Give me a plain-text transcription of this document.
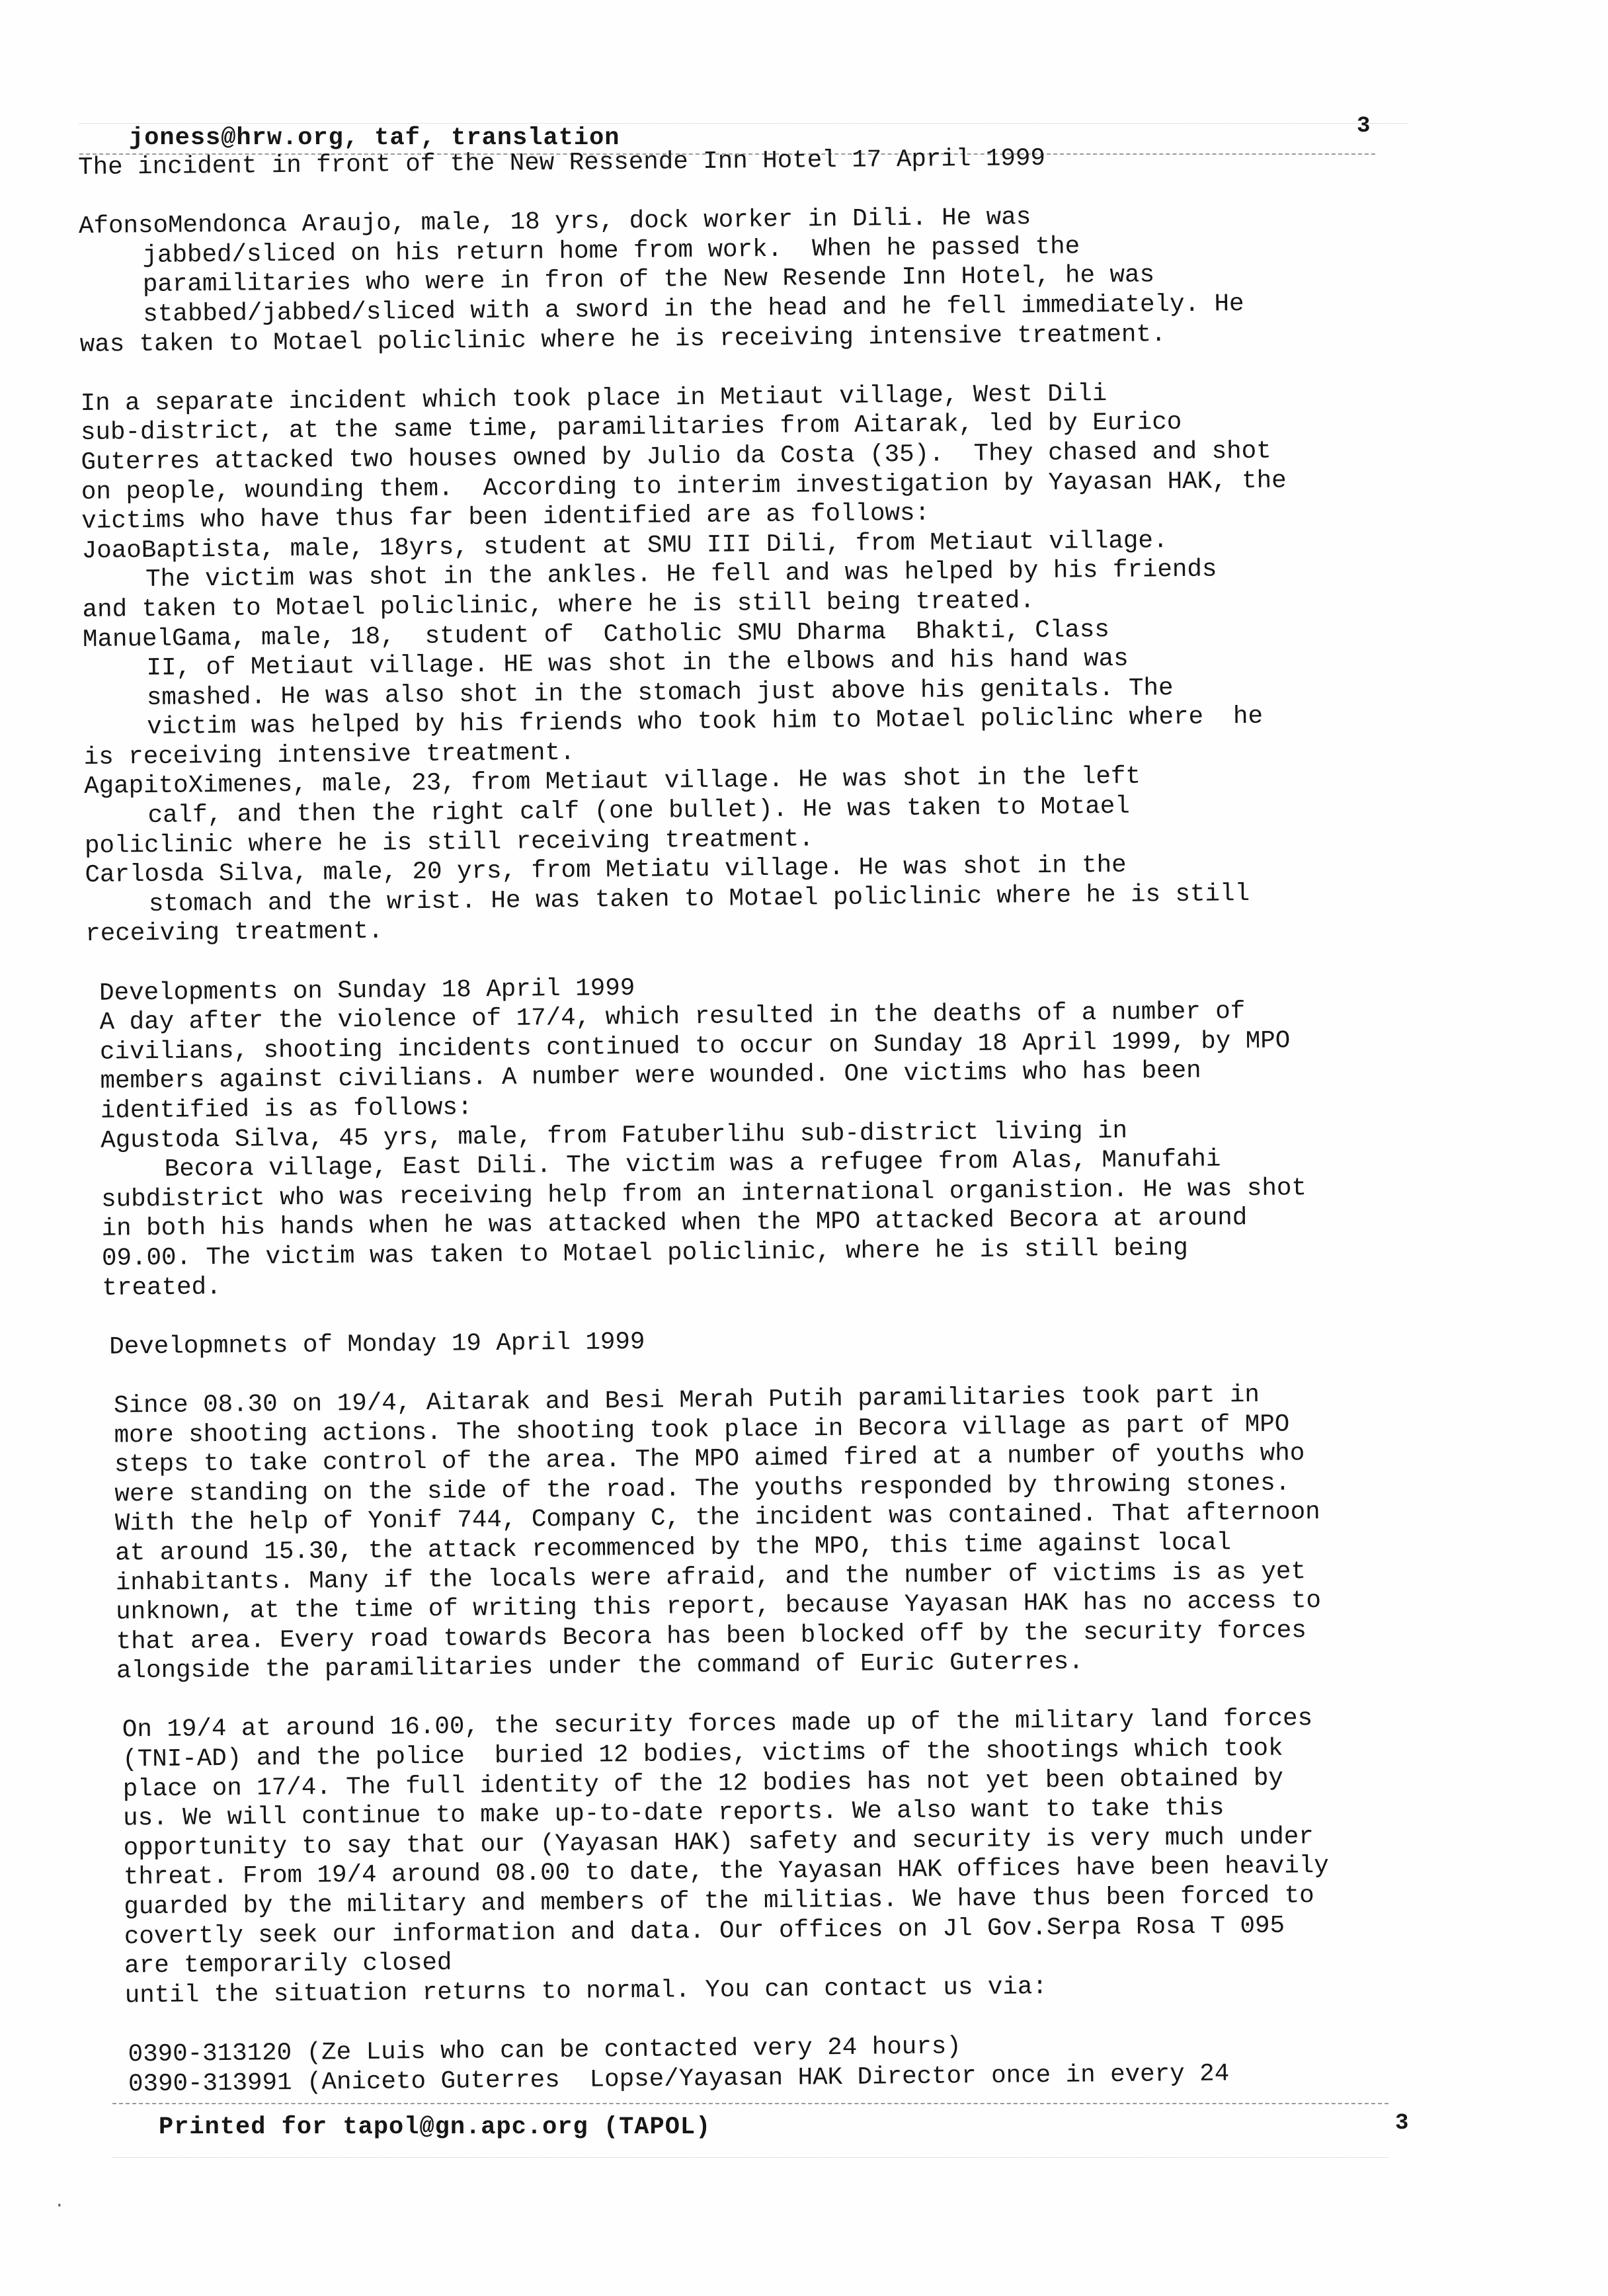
joness@hrw.org, taf, translation	3
The incident in front of the New Ressende Inn Hotel 17 April 1999
AfonsoMendonca Araujo, male, 18 yrs, dock worker in Dili. He was
jabbed/sliced on his return home from work.  When he passed the
paramilitaries who were in fron of the New Resende Inn Hotel, he was
stabbed/jabbed/sliced with a sword in the head and he fell immediately. He
was taken to Motael policlinic where he is receiving intensive treatment.
In a separate incident which took place in Metiaut village, West Dili
sub-district, at the same time, paramilitaries from Aitarak, led by Eurico
Guterres attacked two houses owned by Julio da Costa (35).  They chased and shot
on people, wounding them.  According to interim investigation by Yayasan HAK, the
victims who have thus far been identified are as follows:
JoaoBaptista, male, 18yrs, student at SMU III Dili, from Metiaut village.
The victim was shot in the ankles. He fell and was helped by his friends
and taken to Motael policlinic, where he is still being treated.
ManuelGama, male, 18,  student of  Catholic SMU Dharma  Bhakti, Class
II, of Metiaut village. HE was shot in the elbows and his hand was
smashed. He was also shot in the stomach just above his genitals. The
victim was helped by his friends who took him to Motael policlinc where  he
is receiving intensive treatment.
AgapitoXimenes, male, 23, from Metiaut village. He was shot in the left
calf, and then the right calf (one bullet). He was taken to Motael
policlinic where he is still receiving treatment.
Carlosda Silva, male, 20 yrs, from Metiatu village. He was shot in the
stomach and the wrist. He was taken to Motael policlinic where he is still
receiving treatment.
Developments on Sunday 18 April 1999
A day after the violence of 17/4, which resulted in the deaths of a number of
civilians, shooting incidents continued to occur on Sunday 18 April 1999, by MPO
members against civilians. A number were wounded. One victims who has been
identified is as follows:
Agustoda Silva, 45 yrs, male, from Fatuberlihu sub-district living in
Becora village, East Dili. The victim was a refugee from Alas, Manufahi
subdistrict who was receiving help from an international organistion. He was shot
in both his hands when he was attacked when the MPO attacked Becora at around
09.00. The victim was taken to Motael policlinic, where he is still being
treated.
Developmnets of Monday 19 April 1999
Since 08.30 on 19/4, Aitarak and Besi Merah Putih paramilitaries took part in
more shooting actions. The shooting took place in Becora village as part of MPO
steps to take control of the area. The MPO aimed fired at a number of youths who
were standing on the side of the road. The youths responded by throwing stones.
With the help of Yonif 744, Company C, the incident was contained. That afternoon
at around 15.30, the attack recommenced by the MPO, this time against local
inhabitants. Many if the locals were afraid, and the number of victims is as yet
unknown, at the time of writing this report, because Yayasan HAK has no access to
that area. Every road towards Becora has been blocked off by the security forces
alongside the paramilitaries under the command of Euric Guterres.
On 19/4 at around 16.00, the security forces made up of the military land forces
(TNI-AD) and the police  buried 12 bodies, victims of the shootings which took
place on 17/4. The full identity of the 12 bodies has not yet been obtained by
us. We will continue to make up-to-date reports. We also want to take this
opportunity to say that our (Yayasan HAK) safety and security is very much under
threat. From 19/4 around 08.00 to date, the Yayasan HAK offices have been heavily
guarded by the military and members of the militias. We have thus been forced to
covertly seek our information and data. Our offices on Jl Gov.Serpa Rosa T 095
are temporarily closed
until the situation returns to normal. You can contact us via:
0390-313120 (Ze Luis who can be contacted very 24 hours)
0390-313991 (Aniceto Guterres  Lopse/Yayasan HAK Director once in every 24
Printed for tapol@gn.apc.org (TAPOL)	3
·
